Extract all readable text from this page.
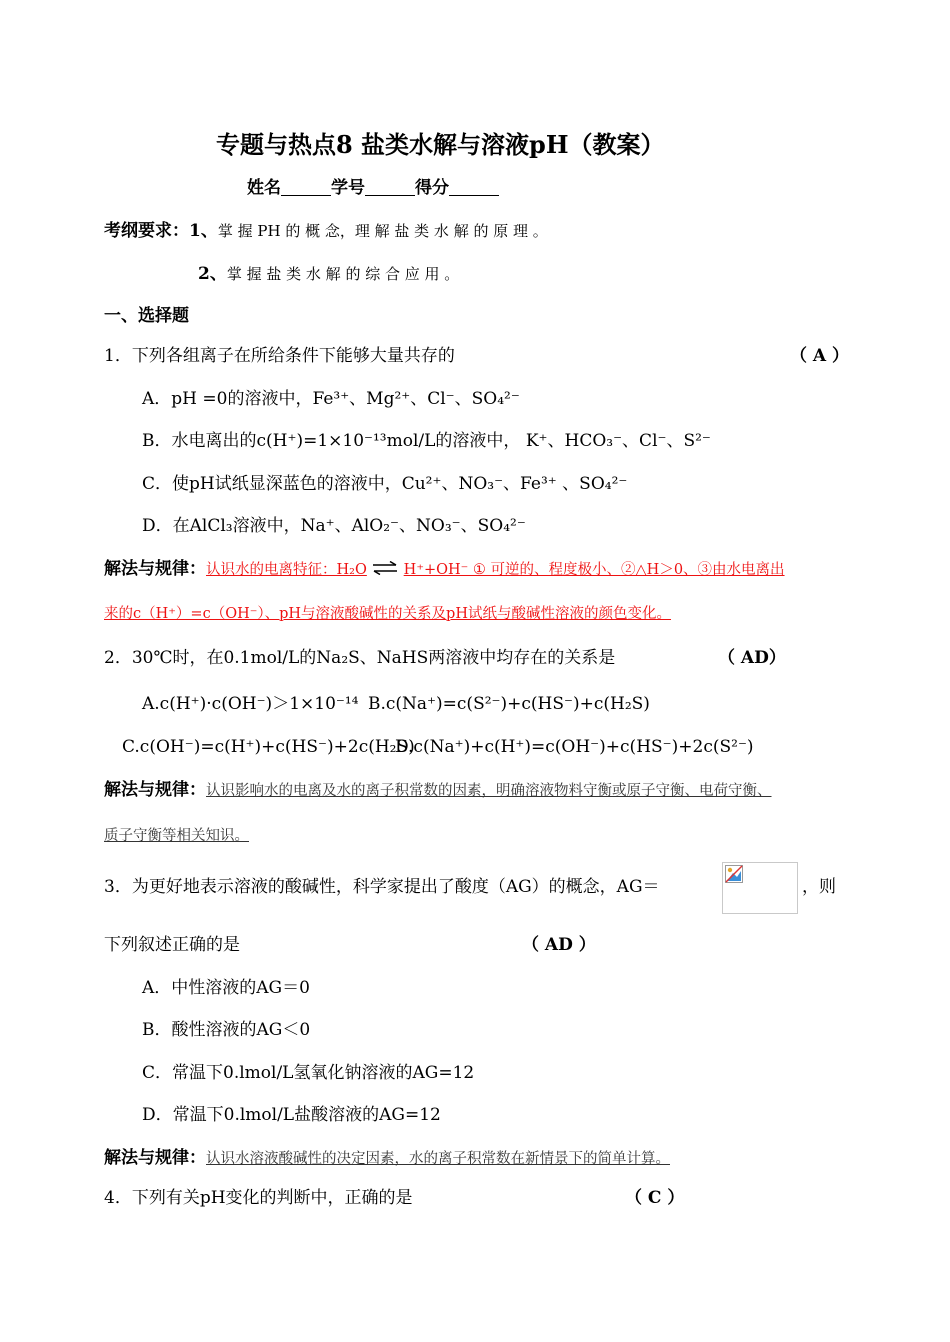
专题与热点8 盐类水解与溶液pH（教案）
姓名	学号	得分
考纲要求：1、掌 握 PH 的 概 念，理 解 盐 类 水 解 的 原 理 。
2、掌 握 盐 类 水 解 的 综 合 应 用 。
一、选择题
1．下列各组离子在所给条件下能够大量共存的	（ A ）
A．pH =0的溶液中，Fe³⁺、Mg²⁺、Cl⁻、SO₄²⁻
B．水电离出的c(H⁺)=1×10⁻¹³mol/L的溶液中， K⁺、HCO₃⁻、Cl⁻、S²⁻
C．使pH试纸显深蓝色的溶液中，Cu²⁺、NO₃⁻、Fe³⁺ 、SO₄²⁻
D．在AlCl₃溶液中，Na⁺、AlO₂⁻、NO₃⁻、SO₄²⁻
解法与规律：认识水的电离特征：H₂O ⇌ H⁺+OH⁻ ① 可逆的、程度极小、②△H＞0、③由水电离出
来的c（H⁺）=c（OH⁻）、pH与溶液酸碱性的关系及pH试纸与酸碱性溶液的颜色变化。
2．30℃时，在0.1mol/L的Na₂S、NaHS两溶液中均存在的关系是	（ AD）
A.c(H⁺)·c(OH⁻)＞1×10⁻¹⁴ B.c(Na⁺)=c(S²⁻)+c(HS⁻)+c(H₂S)
C.c(OH⁻)=c(H⁺)+c(HS⁻)+2c(H₂S)
D.c(Na⁺)+c(H⁺)=c(OH⁻)+c(HS⁻)+2c(S²⁻)
解法与规律：认识影响水的电离及水的离子积常数的因素，明确溶液物料守衡或原子守衡、电荷守衡、
质子守衡等相关知识。
3．为更好地表示溶液的酸碱性，科学家提出了酸度（AG）的概念，AG＝	，则
下列叙述正确的是	（ AD ）
A．中性溶液的AG＝0
B．酸性溶液的AG＜0
C．常温下0.lmol/L氢氧化钠溶液的AG=12
D．常温下0.lmol/L盐酸溶液的AG=12
解法与规律：认识水溶液酸碱性的决定因素，水的离子积常数在新情景下的简单计算。
4．下列有关pH变化的判断中，正确的是	（ C ）
